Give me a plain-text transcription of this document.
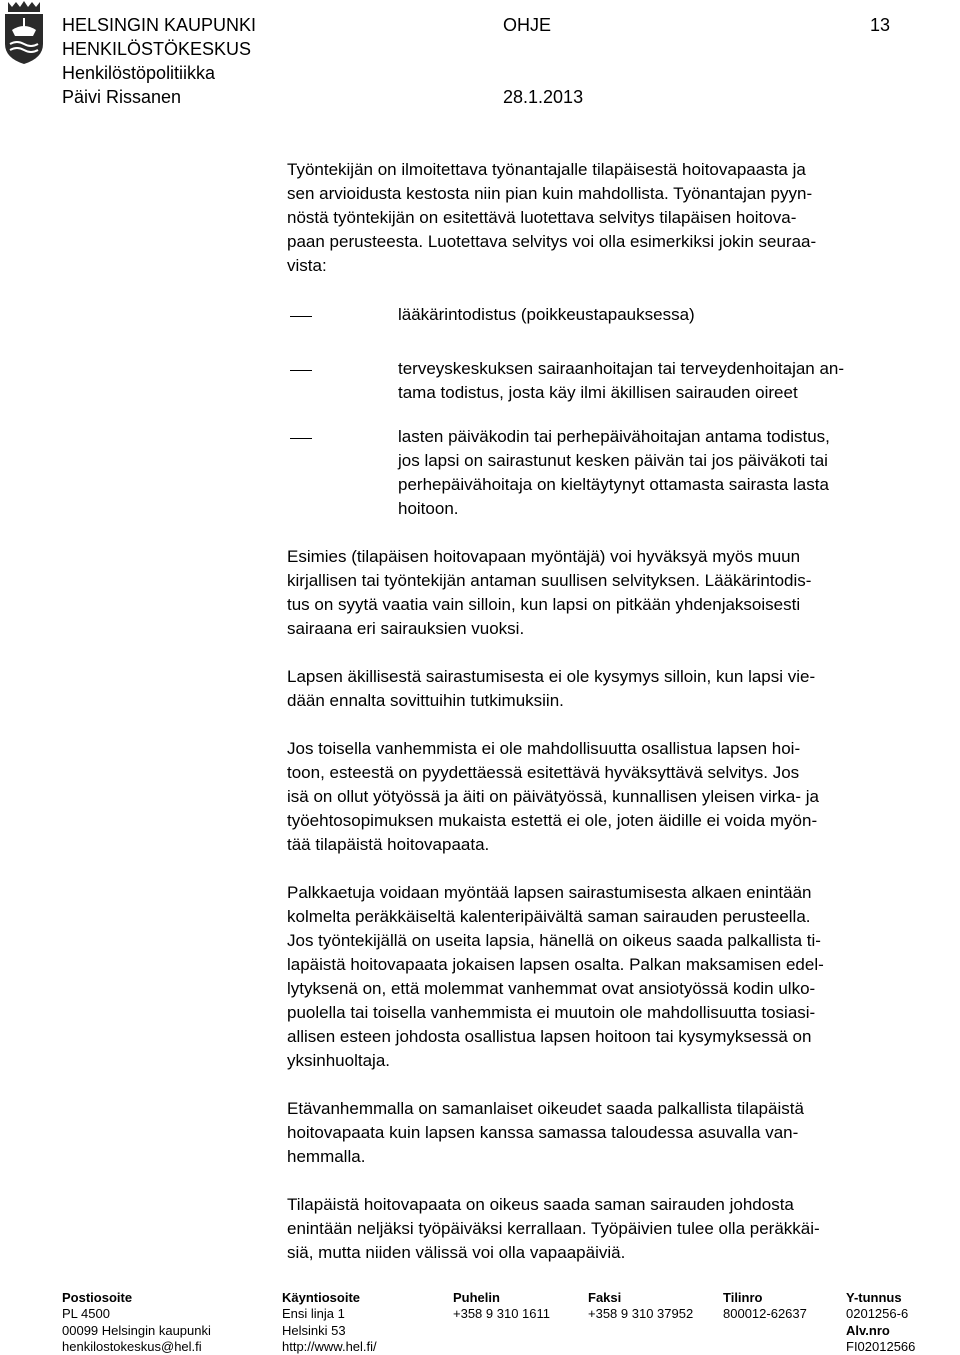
HELSINGIN KAUPUNKI
HENKILÖSTÖKESKUS
Henkilöstöpolitiikka
Päivi Rissanen
OHJE
28.1.2013
13
Työntekijän on ilmoitettava työnantajalle tilapäisestä hoitovapaasta ja
sen arvioidusta kestosta niin pian kuin mahdollista. Työnantajan pyyn-
nöstä työntekijän on esitettävä luotettava selvitys tilapäisen hoitova-
paan perusteesta. Luotettava selvitys voi olla esimerkiksi jokin seuraa-
vista:
lääkärintodistus (poikkeustapauksessa)
terveyskeskuksen sairaanhoitajan tai terveydenhoitajan an-
tama todistus, josta käy ilmi äkillisen sairauden oireet
lasten päiväkodin tai perhepäivähoitajan antama todistus,
jos lapsi on sairastunut kesken päivän tai jos päiväkoti tai
perhepäivähoitaja on kieltäytynyt ottamasta sairasta lasta
hoitoon.
Esimies (tilapäisen hoitovapaan myöntäjä) voi hyväksyä myös muun
kirjallisen tai työntekijän antaman suullisen selvityksen. Lääkärintodis-
tus on syytä vaatia vain silloin, kun lapsi on pitkään yhdenjaksoisesti
sairaana eri sairauksien vuoksi.
Lapsen äkillisestä sairastumisesta ei ole kysymys silloin, kun lapsi vie-
dään ennalta sovittuihin tutkimuksiin.
Jos toisella vanhemmista ei ole mahdollisuutta osallistua lapsen hoi-
toon, esteestä on pyydettäessä esitettävä hyväksyttävä selvitys. Jos
isä on ollut yötyössä ja äiti on päivätyössä, kunnallisen yleisen virka- ja
työehtosopimuksen mukaista estettä ei ole, joten äidille ei voida myön-
tää tilapäistä hoitovapaata.
Palkkaetuja voidaan myöntää lapsen sairastumisesta alkaen enintään
kolmelta peräkkäiseltä kalenteripäivältä saman sairauden perusteella.
Jos työntekijällä on useita lapsia, hänellä on oikeus saada palkallista ti-
lapäistä hoitovapaata jokaisen lapsen osalta. Palkan maksamisen edel-
lytyksenä on, että molemmat vanhemmat ovat ansiotyössä kodin ulko-
puolella tai toisella vanhemmista ei muutoin ole mahdollisuutta tosiasi-
allisen esteen johdosta osallistua lapsen hoitoon tai kysymyksessä on
yksinhuoltaja.
Etävanhemmalla on samanlaiset oikeudet saada palkallista tilapäistä
hoitovapaata kuin lapsen kanssa samassa taloudessa asuvalla van-
hemmalla.
Tilapäistä hoitovapaata on oikeus saada saman sairauden johdosta
enintään neljäksi työpäiväksi kerrallaan. Työpäivien tulee olla peräkkäi-
siä, mutta niiden välissä voi olla vapaapäiviä.
Postiosoite
PL 4500
00099 Helsingin kaupunki
henkilostokeskus@hel.fi
Käyntiosoite
Ensi linja 1
Helsinki 53
http://www.hel.fi/
Puhelin
+358 9 310 1611
Faksi
+358 9 310 37952
Tilinro
800012-62637
Y-tunnus
0201256-6
Alv.nro
FI02012566
